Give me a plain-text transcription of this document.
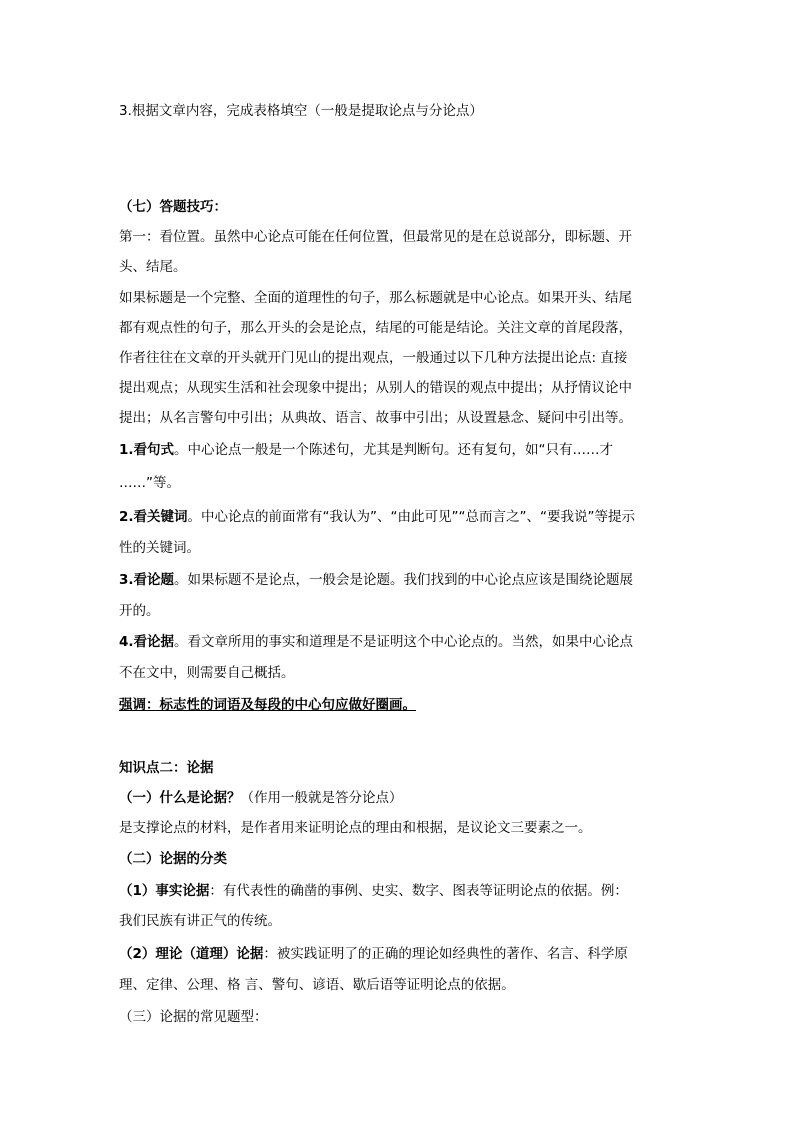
3.根据文章内容，完成表格填空（一般是提取论点与分论点）
（七）答题技巧：
第一：看位置。虽然中心论点可能在任何位置，但最常见的是在总说部分，即标题、开
头、结尾。
如果标题是一个完整、全面的道理性的句子，那么标题就是中心论点。如果开头、结尾
都有观点性的句子，那么开头的会是论点，结尾的可能是结论。关注文章的首尾段落，
作者往往在文章的开头就开门见山的提出观点，一般通过以下几种方法提出论点: 直接
提出观点；从现实生活和社会现象中提出；从别人的错误的观点中提出；从抒情议论中
提出；从名言警句中引出；从典故、语言、故事中引出；从设置悬念、疑问中引出等。
1.看句式。中心论点一般是一个陈述句，尤其是判断句。还有复句，如“只有……才
……”等。
2.看关键词。中心论点的前面常有“我认为”、“由此可见”“总而言之”、“要我说”等提示
性的关键词。
3.看论题。如果标题不是论点，一般会是论题。我们找到的中心论点应该是围绕论题展
开的。
4.看论据。看文章所用的事实和道理是不是证明这个中心论点的。当然，如果中心论点
不在文中，则需要自己概括。
强调：标志性的词语及每段的中心句应做好圈画。
知识点二：论据
（一）什么是论据？（作用一般就是答分论点）
是支撑论点的材料，是作者用来证明论点的理由和根据，是议论文三要素之一。
（二）论据的分类
（1）事实论据：有代表性的确凿的事例、史实、数字、图表等证明论点的依据。例：
我们民族有讲正气的传统。
（2）理论（道理）论据：被实践证明了的正确的理论如经典性的著作、名言、科学原
理、定律、公理、格 言、警句、谚语、歇后语等证明论点的依据。
（三）论据的常见题型：
